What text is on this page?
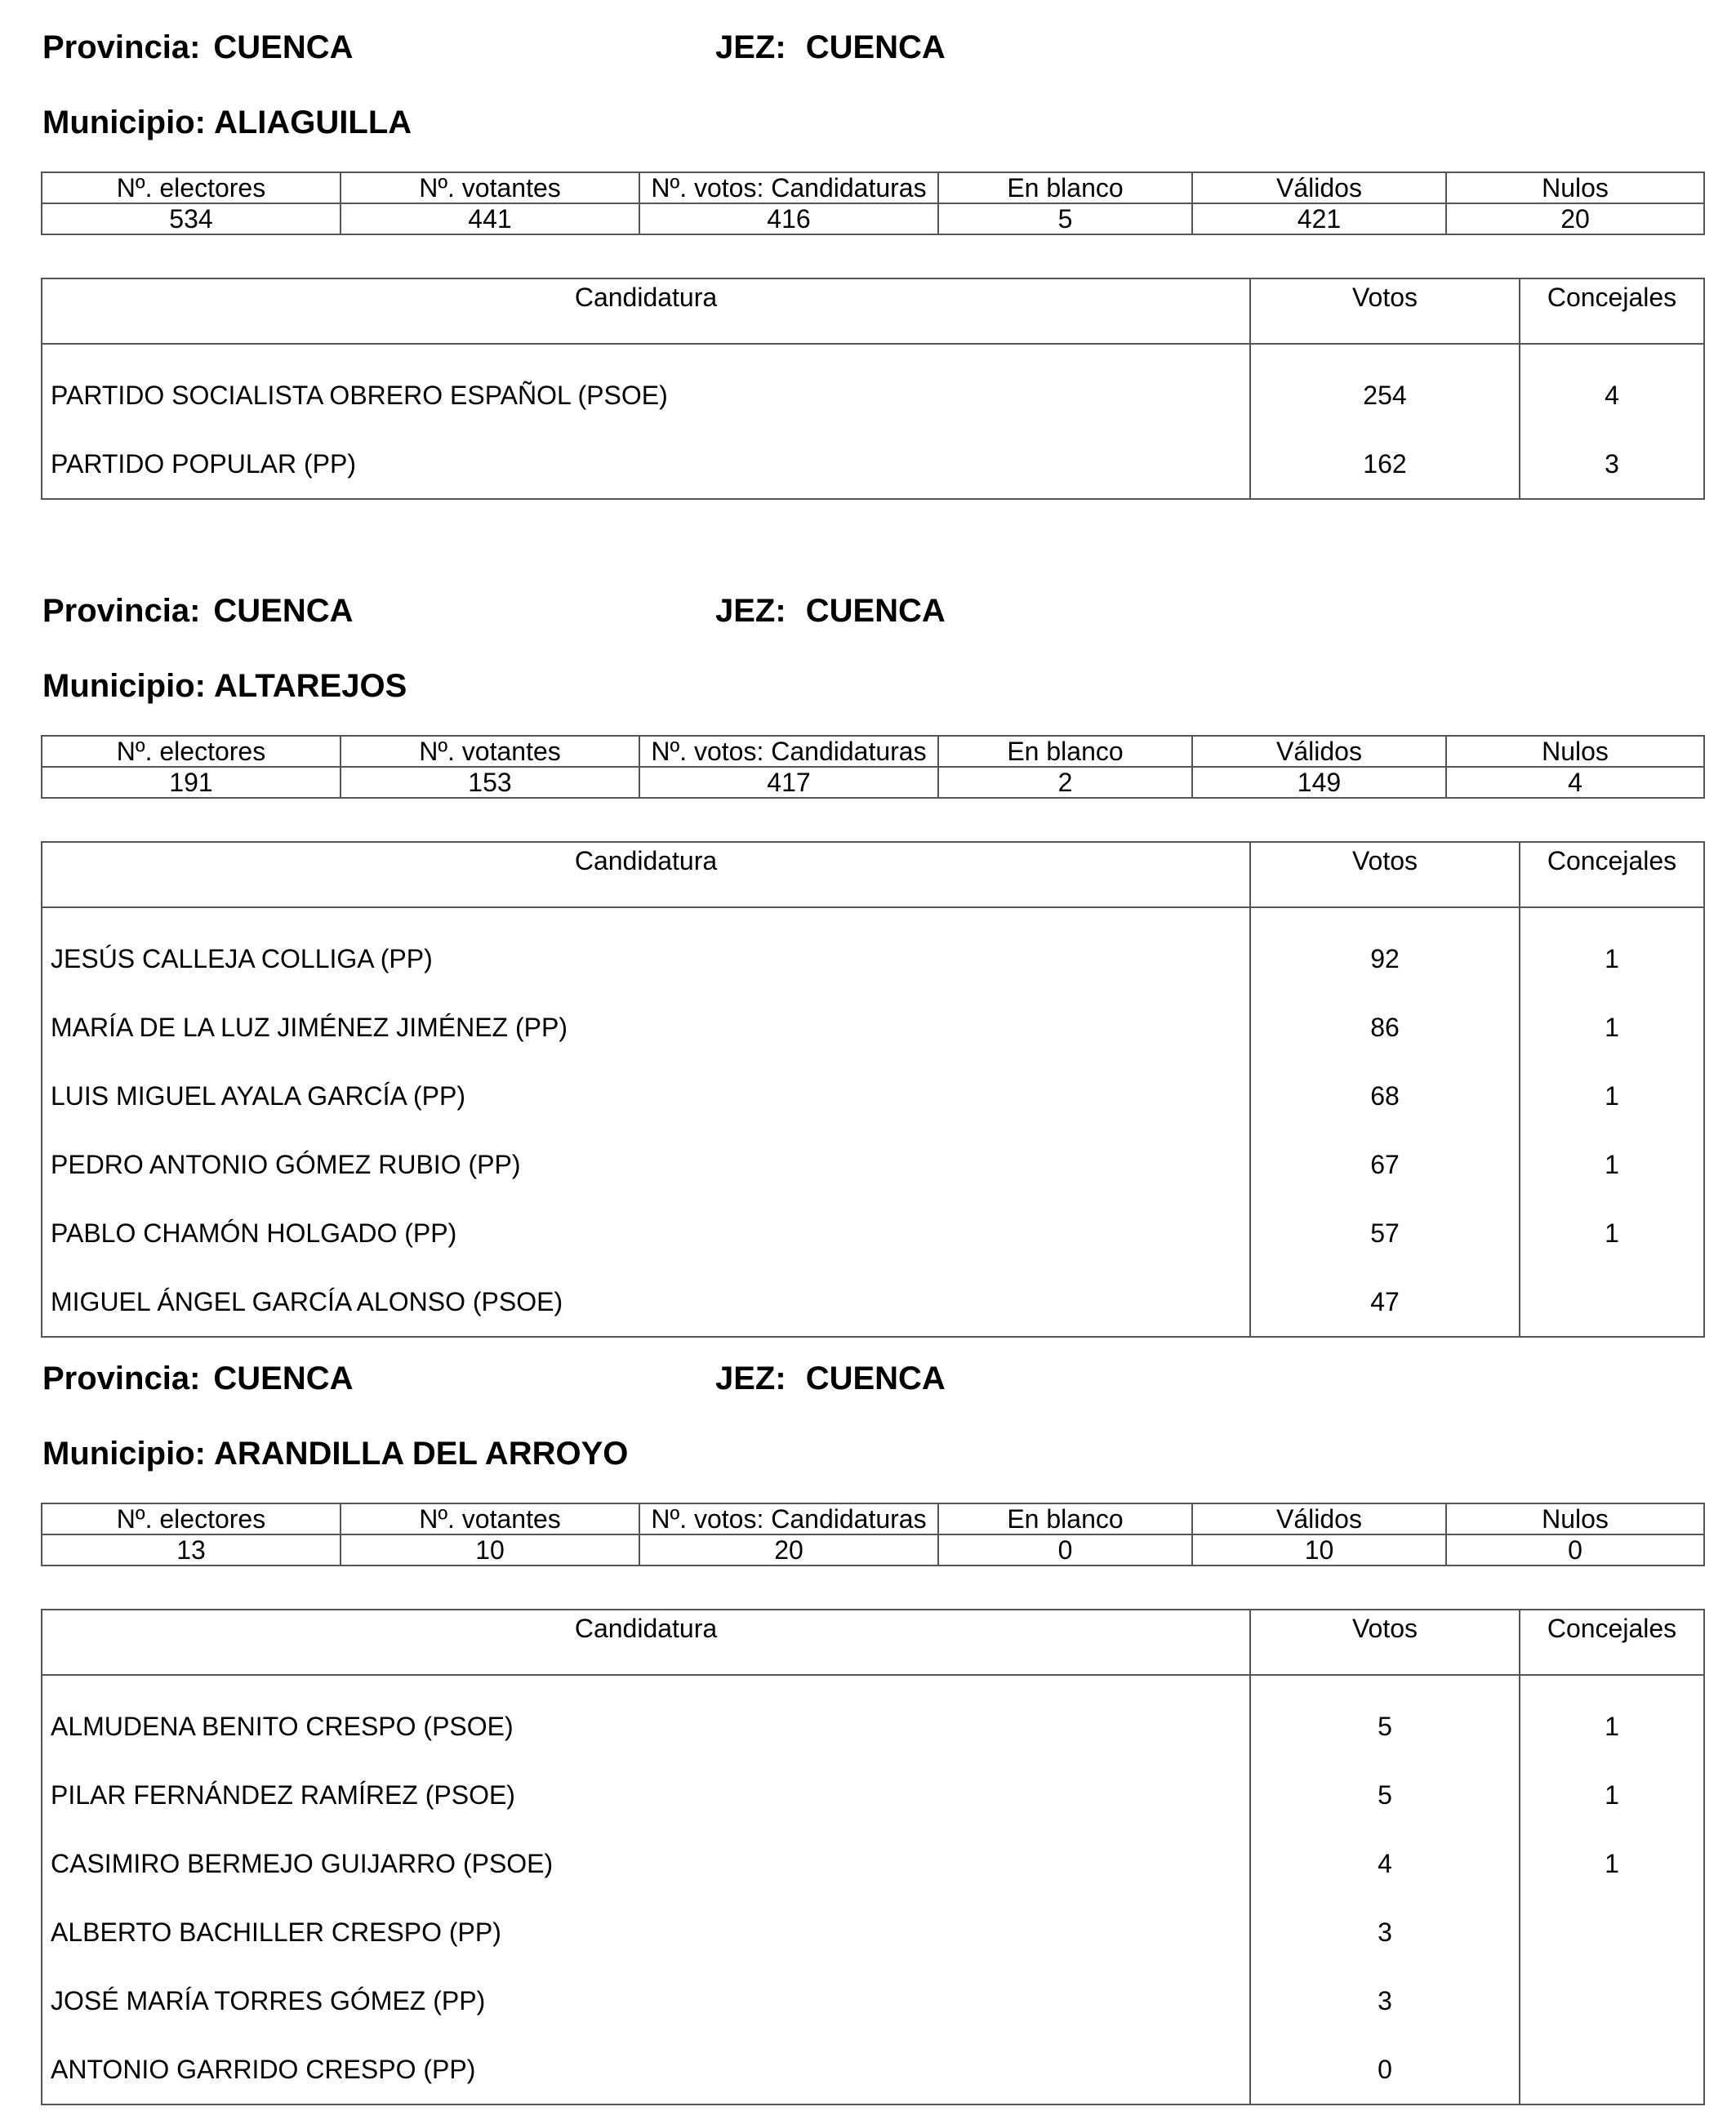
Provincia: CUENCA	JEZ: CUENCA
Municipio: ALIAGUILLA
Nº. electores	Nº. votantes	Nº. votos: Candidaturas	En blanco	Válidos	Nulos
534	441	416	5	421	20
Candidatura	Votos	Concejales
PARTIDO SOCIALISTA OBRERO ESPAÑOL (PSOE)	254	4
PARTIDO POPULAR (PP)	162	3
Provincia: CUENCA	JEZ: CUENCA
Municipio: ALTAREJOS
Nº. electores	Nº. votantes	Nº. votos: Candidaturas	En blanco	Válidos	Nulos
191	153	417	2	149	4
Candidatura	Votos	Concejales
JESÚS CALLEJA COLLIGA (PP)	92	1
MARÍA DE LA LUZ JIMÉNEZ JIMÉNEZ (PP)	86	1
LUIS MIGUEL AYALA GARCÍA (PP)	68	1
PEDRO ANTONIO GÓMEZ RUBIO (PP)	67	1
PABLO CHAMÓN HOLGADO (PP)	57	1
MIGUEL ÁNGEL GARCÍA ALONSO (PSOE)	47	
Provincia: CUENCA	JEZ: CUENCA
Municipio: ARANDILLA DEL ARROYO
Nº. electores	Nº. votantes	Nº. votos: Candidaturas	En blanco	Válidos	Nulos
13	10	20	0	10	0
Candidatura	Votos	Concejales
ALMUDENA BENITO CRESPO (PSOE)	5	1
PILAR FERNÁNDEZ RAMÍREZ (PSOE)	5	1
CASIMIRO BERMEJO GUIJARRO (PSOE)	4	1
ALBERTO BACHILLER CRESPO (PP)	3	
JOSÉ MARÍA TORRES GÓMEZ (PP)	3	
ANTONIO GARRIDO CRESPO (PP)	0	
